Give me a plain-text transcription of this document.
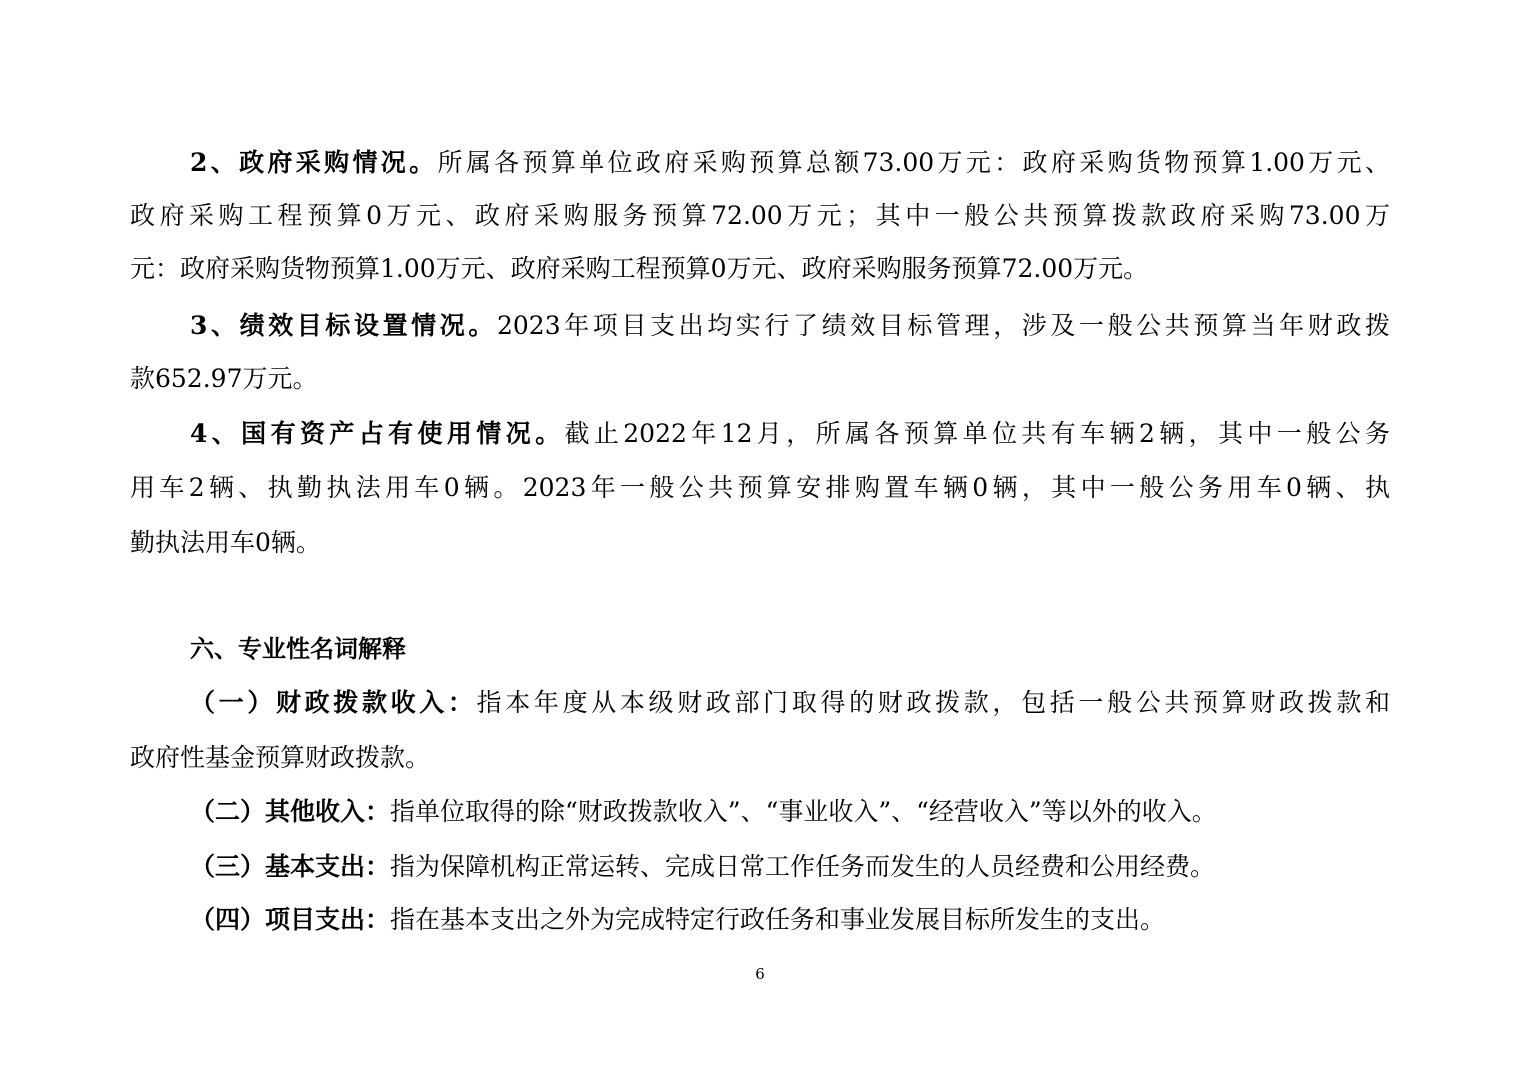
2、政府采购情况。所属各预算单位政府采购预算总额73.00万元：政府采购货物预算1.00万元、
政府采购工程预算0万元、政府采购服务预算72.00万元；其中一般公共预算拨款政府采购73.00万
元：政府采购货物预算1.00万元、政府采购工程预算0万元、政府采购服务预算72.00万元。
3、绩效目标设置情况。2023年项目支出均实行了绩效目标管理，涉及一般公共预算当年财政拨
款652.97万元。
4、国有资产占有使用情况。截止2022年12月，所属各预算单位共有车辆2辆，其中一般公务
用车2辆、执勤执法用车0辆。2023年一般公共预算安排购置车辆0辆，其中一般公务用车0辆、执
勤执法用车0辆。
六、专业性名词解释
（一）财政拨款收入：指本年度从本级财政部门取得的财政拨款，包括一般公共预算财政拨款和
政府性基金预算财政拨款。
（二）其他收入：指单位取得的除“财政拨款收入”、“事业收入”、“经营收入”等以外的收入。
（三）基本支出：指为保障机构正常运转、完成日常工作任务而发生的人员经费和公用经费。
（四）项目支出：指在基本支出之外为完成特定行政任务和事业发展目标所发生的支出。
6
